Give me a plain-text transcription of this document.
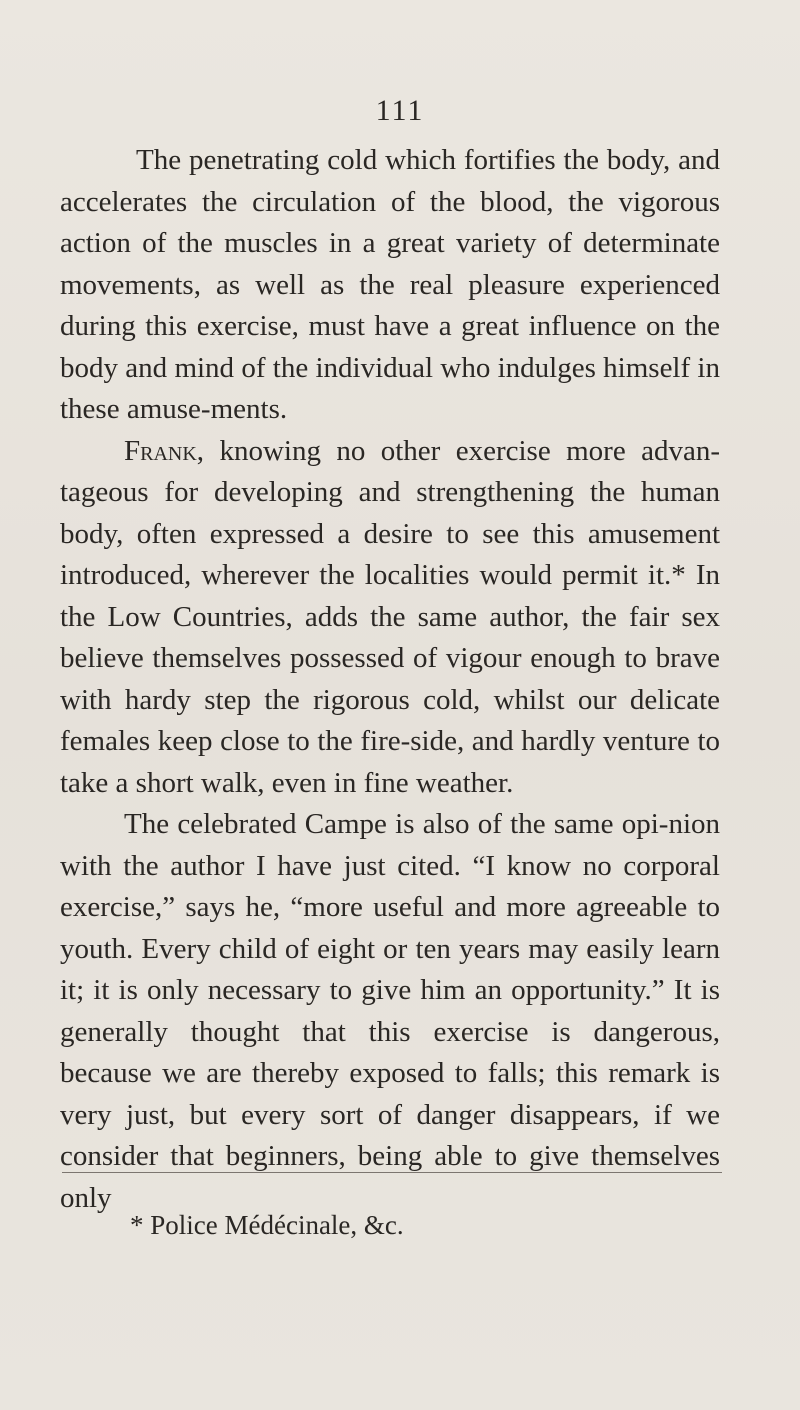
111

The penetrating cold which fortifies the body, and accelerates the circulation of the blood, the vigorous action of the muscles in a great variety of determinate movements, as well as the real pleasure experienced during this exercise, must have a great influence on the body and mind of the individual who indulges himself in these amuse-ments.

Frank, knowing no other exercise more advan-tageous for developing and strengthening the human body, often expressed a desire to see this amusement introduced, wherever the localities would permit it.* In the Low Countries, adds the same author, the fair sex believe themselves possessed of vigour enough to brave with hardy step the rigorous cold, whilst our delicate females keep close to the fire-side, and hardly venture to take a short walk, even in fine weather.

The celebrated Campe is also of the same opi-nion with the author I have just cited. “I know no corporal exercise,” says he, “more useful and more agreeable to youth. Every child of eight or ten years may easily learn it; it is only necessary to give him an opportunity.” It is generally thought that this exercise is dangerous, because we are thereby exposed to falls; this remark is very just, but every sort of danger disappears, if we consider that beginners, being able to give themselves only

* Police Médécinale, &c.
